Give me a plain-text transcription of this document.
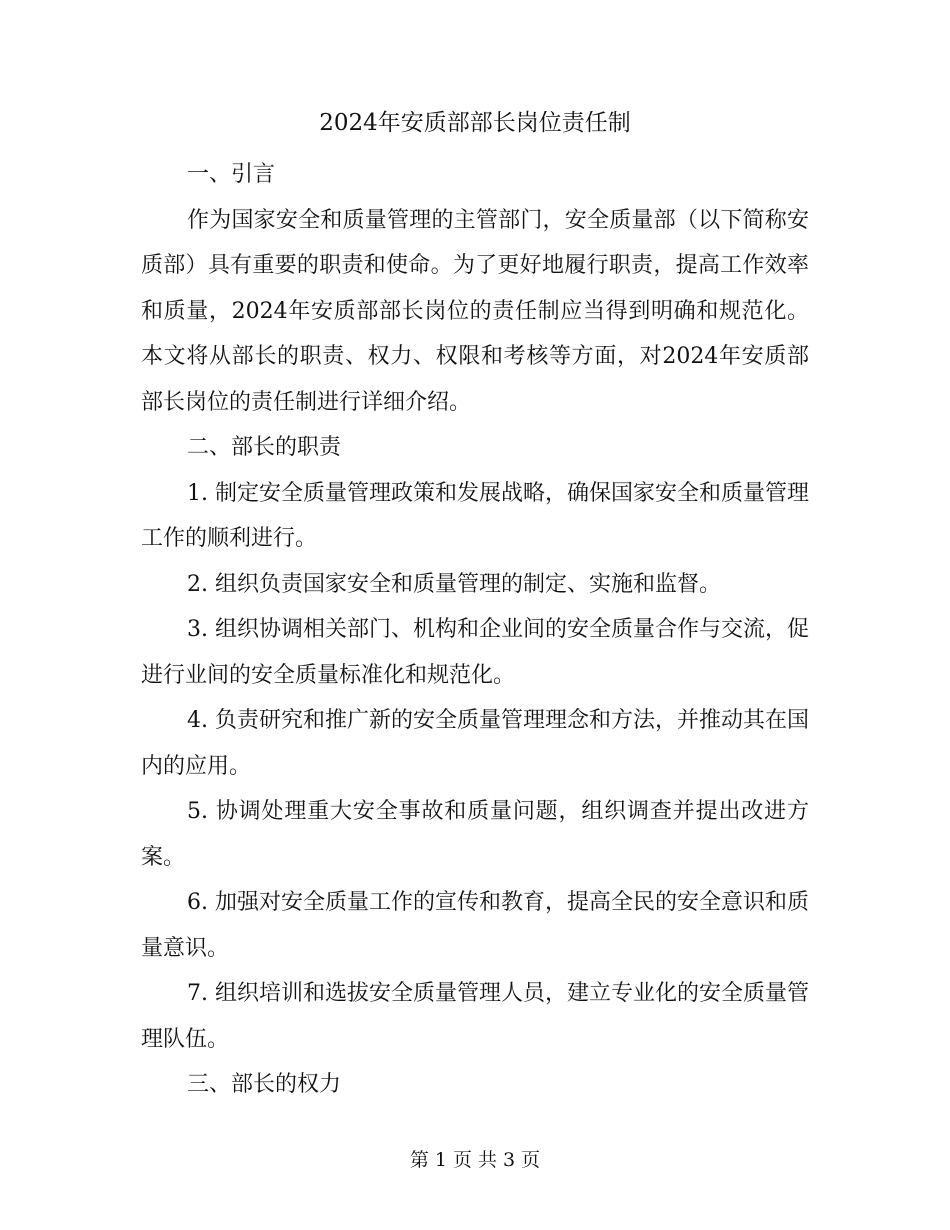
2024年安质部部长岗位责任制

一、引言

作为国家安全和质量管理的主管部门，安全质量部（以下简称安质部）具有重要的职责和使命。为了更好地履行职责，提高工作效率和质量，2024年安质部部长岗位的责任制应当得到明确和规范化。本文将从部长的职责、权力、权限和考核等方面，对2024年安质部部长岗位的责任制进行详细介绍。

二、部长的职责

1. 制定安全质量管理政策和发展战略，确保国家安全和质量管理工作的顺利进行。

2. 组织负责国家安全和质量管理的制定、实施和监督。

3. 组织协调相关部门、机构和企业间的安全质量合作与交流，促进行业间的安全质量标准化和规范化。

4. 负责研究和推广新的安全质量管理理念和方法，并推动其在国内的应用。

5. 协调处理重大安全事故和质量问题，组织调查并提出改进方案。

6. 加强对安全质量工作的宣传和教育，提高全民的安全意识和质量意识。

7. 组织培训和选拔安全质量管理人员，建立专业化的安全质量管理队伍。

三、部长的权力

第 1 页 共 3 页
